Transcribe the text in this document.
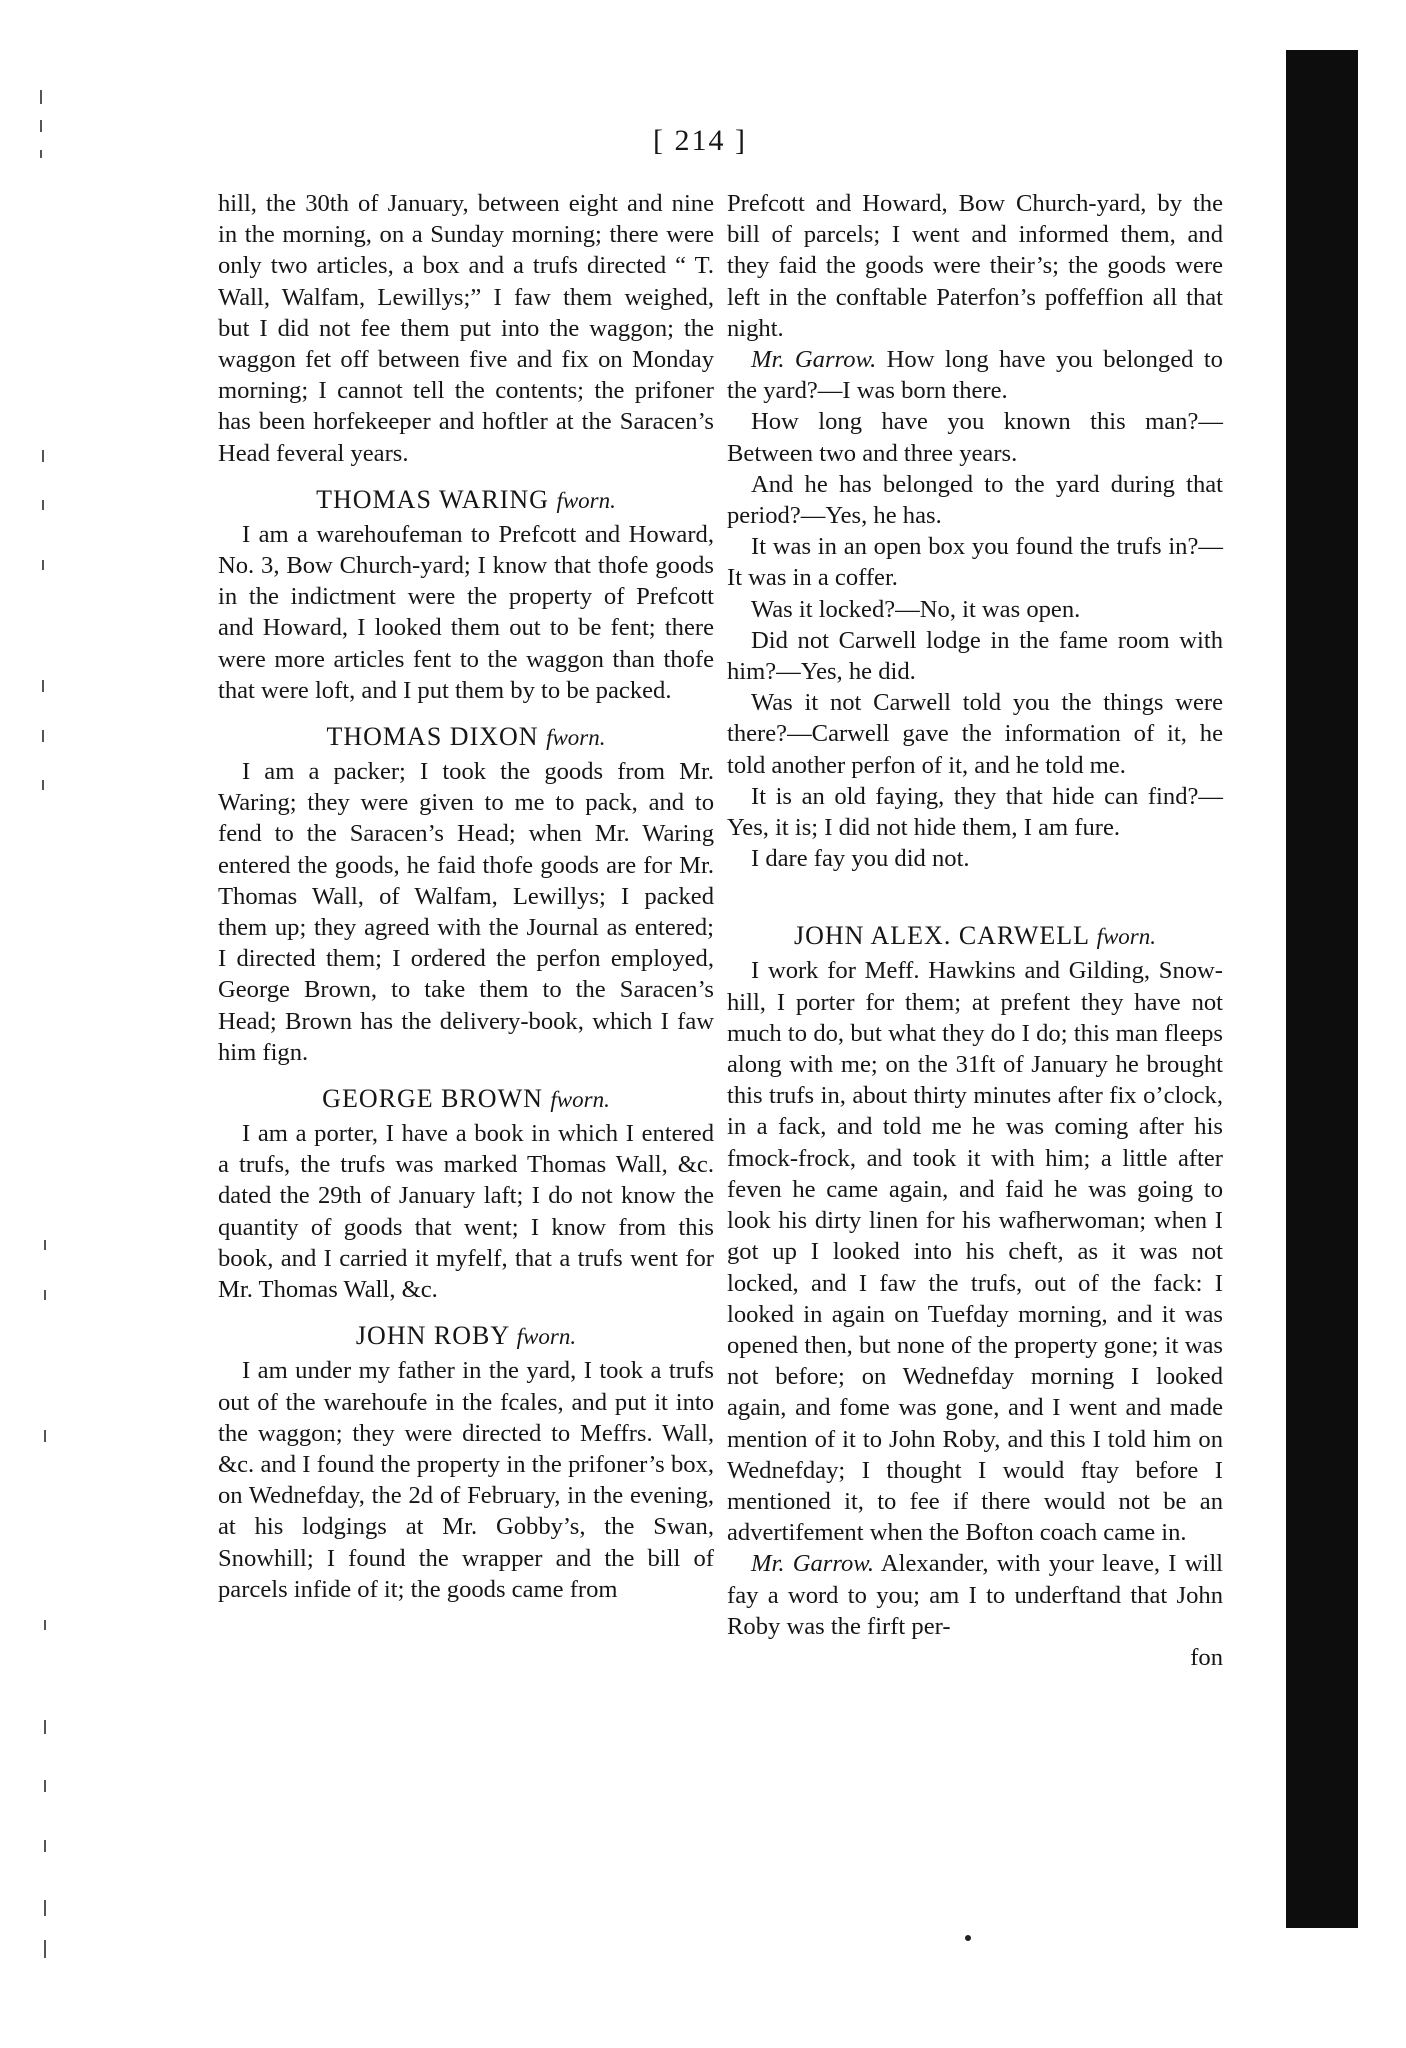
[ 214 ]

hill, the 30th of January, between eight and nine in the morning, on a Sunday morning; there were only two articles, a box and a trufs directed “ T. Wall, Walfam, Lewillys;” I faw them weighed, but I did not fee them put into the waggon; the waggon fet off between five and fix on Monday morning; I cannot tell the contents; the prifoner has been horfekeeper and hoftler at the Saracen’s Head feveral years.

THOMAS WARING fworn.

I am a warehoufeman to Prefcott and Howard, No. 3, Bow Church-yard; I know that thofe goods in the indictment were the property of Prefcott and Howard, I looked them out to be fent; there were more articles fent to the waggon than thofe that were loft, and I put them by to be packed.

THOMAS DIXON fworn.

I am a packer; I took the goods from Mr. Waring; they were given to me to pack, and to fend to the Saracen’s Head; when Mr. Waring entered the goods, he faid thofe goods are for Mr. Thomas Wall, of Walfam, Lewillys; I packed them up; they agreed with the Journal as entered; I directed them; I ordered the perfon employed, George Brown, to take them to the Saracen’s Head; Brown has the delivery-book, which I faw him fign.

GEORGE BROWN fworn.

I am a porter, I have a book in which I entered a trufs, the trufs was marked Thomas Wall, &c. dated the 29th of January laft; I do not know the quantity of goods that went; I know from this book, and I carried it myfelf, that a trufs went for Mr. Thomas Wall, &c.

JOHN ROBY fworn.

I am under my father in the yard, I took a trufs out of the warehoufe in the fcales, and put it into the waggon; they were directed to Meffrs. Wall, &c. and I found the property in the prifoner’s box, on Wednefday, the 2d of February, in the evening, at his lodgings at Mr. Gobby’s, the Swan, Snowhill; I found the wrapper and the bill of parcels infide of it; the goods came from

Prefcott and Howard, Bow Church-yard, by the bill of parcels; I went and informed them, and they faid the goods were their’s; the goods were left in the conftable Paterfon’s poffeffion all that night.

Mr. Garrow. How long have you belonged to the yard?—I was born there.

How long have you known this man?—Between two and three years.

And he has belonged to the yard during that period?—Yes, he has.

It was in an open box you found the trufs in?—It was in a coffer.

Was it locked?—No, it was open.

Did not Carwell lodge in the fame room with him?—Yes, he did.

Was it not Carwell told you the things were there?—Carwell gave the information of it, he told another perfon of it, and he told me.

It is an old faying, they that hide can find?—Yes, it is; I did not hide them, I am fure.

I dare fay you did not.

JOHN ALEX. CARWELL fworn.

I work for Meff. Hawkins and Gilding, Snow-hill, I porter for them; at prefent they have not much to do, but what they do I do; this man fleeps along with me; on the 31ft of January he brought this trufs in, about thirty minutes after fix o’clock, in a fack, and told me he was coming after his fmock-frock, and took it with him; a little after feven he came again, and faid he was going to look his dirty linen for his wafherwoman; when I got up I looked into his cheft, as it was not locked, and I faw the trufs, out of the fack: I looked in again on Tuefday morning, and it was opened then, but none of the property gone; it was not before; on Wednefday morning I looked again, and fome was gone, and I went and made mention of it to John Roby, and this I told him on Wednefday; I thought I would ftay before I mentioned it, to fee if there would not be an advertifement when the Bofton coach came in.

Mr. Garrow. Alexander, with your leave, I will fay a word to you; am I to underftand that John Roby was the firft per-

fon
